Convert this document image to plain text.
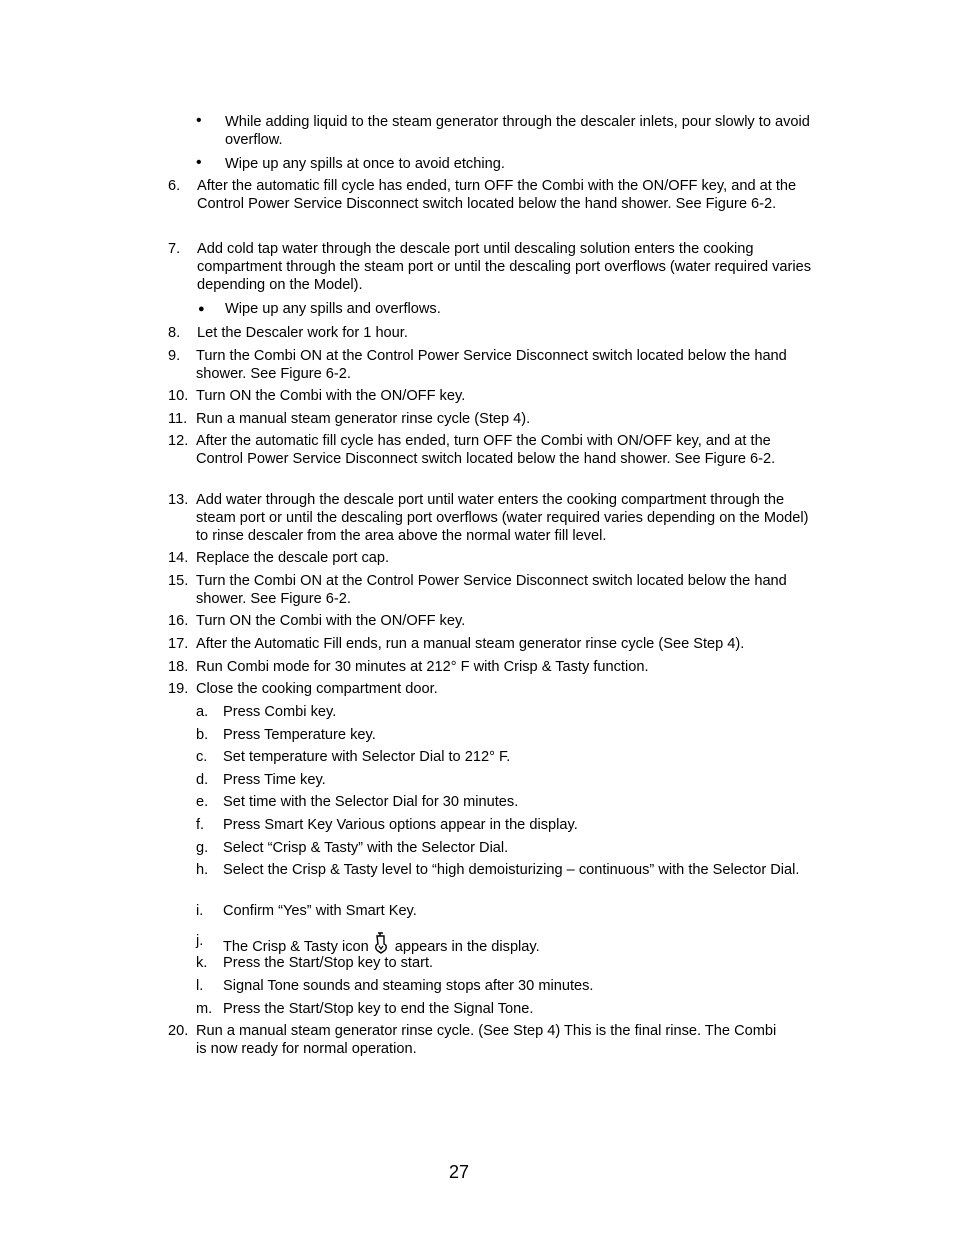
• While adding liquid to the steam generator through the descaler inlets, pour slowly to avoid overflow.
• Wipe up any spills at once to avoid etching.
6. After the automatic fill cycle has ended, turn OFF the Combi with the ON/OFF key, and at the Control Power Service Disconnect switch located below the hand shower. See Figure 6-2.
7. Add cold tap water through the descale port until descaling solution enters the cooking compartment through the steam port or until the descaling port overflows (water required varies depending on the Model).
● Wipe up any spills and overflows.
8. Let the Descaler work for 1 hour.
9. Turn the Combi ON at the Control Power Service Disconnect switch located below the hand shower. See Figure 6-2.
10. Turn ON the Combi with the ON/OFF key.
11. Run a manual steam generator rinse cycle (Step 4).
12. After the automatic fill cycle has ended, turn OFF the Combi with ON/OFF key, and at the Control Power Service Disconnect switch located below the hand shower. See Figure 6-2.
13. Add water through the descale port until water enters the cooking compartment through the steam port or until the descaling port overflows (water required varies depending on the Model) to rinse descaler from the area above the normal water fill level.
14. Replace the descale port cap.
15. Turn the Combi ON at the Control Power Service Disconnect switch located below the hand shower. See Figure 6-2.
16. Turn ON the Combi with the ON/OFF key.
17. After the Automatic Fill ends, run a manual steam generator rinse cycle (See Step 4).
18. Run Combi mode for 30 minutes at 212° F with Crisp & Tasty function.
19. Close the cooking compartment door.
a. Press Combi key.
b. Press Temperature key.
c. Set temperature with Selector Dial to 212° F.
d. Press Time key.
e. Set time with the Selector Dial for 30 minutes.
f. Press Smart Key Various options appear in the display.
g. Select “Crisp & Tasty” with the Selector Dial.
h. Select the Crisp & Tasty level to “high demoisturizing – continuous” with the Selector Dial.
i. Confirm “Yes” with Smart Key.
j. The Crisp & Tasty icon appears in the display.
k. Press the Start/Stop key to start.
l. Signal Tone sounds and steaming stops after 30 minutes.
m. Press the Start/Stop key to end the Signal Tone.
20. Run a manual steam generator rinse cycle. (See Step 4) This is the final rinse. The Combi is now ready for normal operation.
27
